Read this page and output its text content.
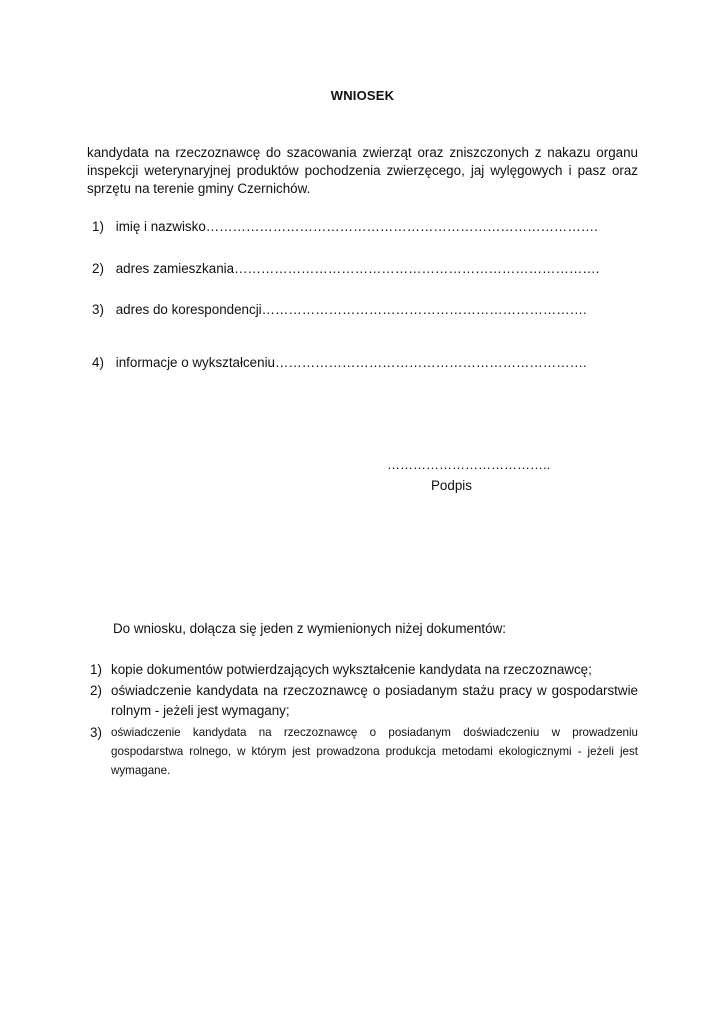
WNIOSEK

kandydata na rzeczoznawcę do szacowania zwierząt oraz zniszczonych z nakazu organu inspekcji weterynaryjnej produktów pochodzenia zwierzęcego, jaj wylęgowych i pasz oraz sprzętu na terenie gminy Czernichów.

1) imię i nazwisko…………………………………………………………………………….
2) adres zamieszkania……………………………………………………………………….
3) adres do korespondencji……………………………………………………………….
4) informacje o wykształceniu…………………………………………………………….
………………………………..
Podpis
Do wniosku, dołącza się jeden z wymienionych niżej dokumentów:
1) kopie dokumentów potwierdzających wykształcenie kandydata na rzeczoznawcę;
2) oświadczenie kandydata na rzeczoznawcę o posiadanym stażu pracy w gospodarstwie rolnym - jeżeli jest wymagany;
3) oświadczenie kandydata na rzeczoznawcę o posiadanym doświadczeniu w prowadzeniu gospodarstwa rolnego, w którym jest prowadzona produkcja metodami ekologicznymi - jeżeli jest wymagane.
